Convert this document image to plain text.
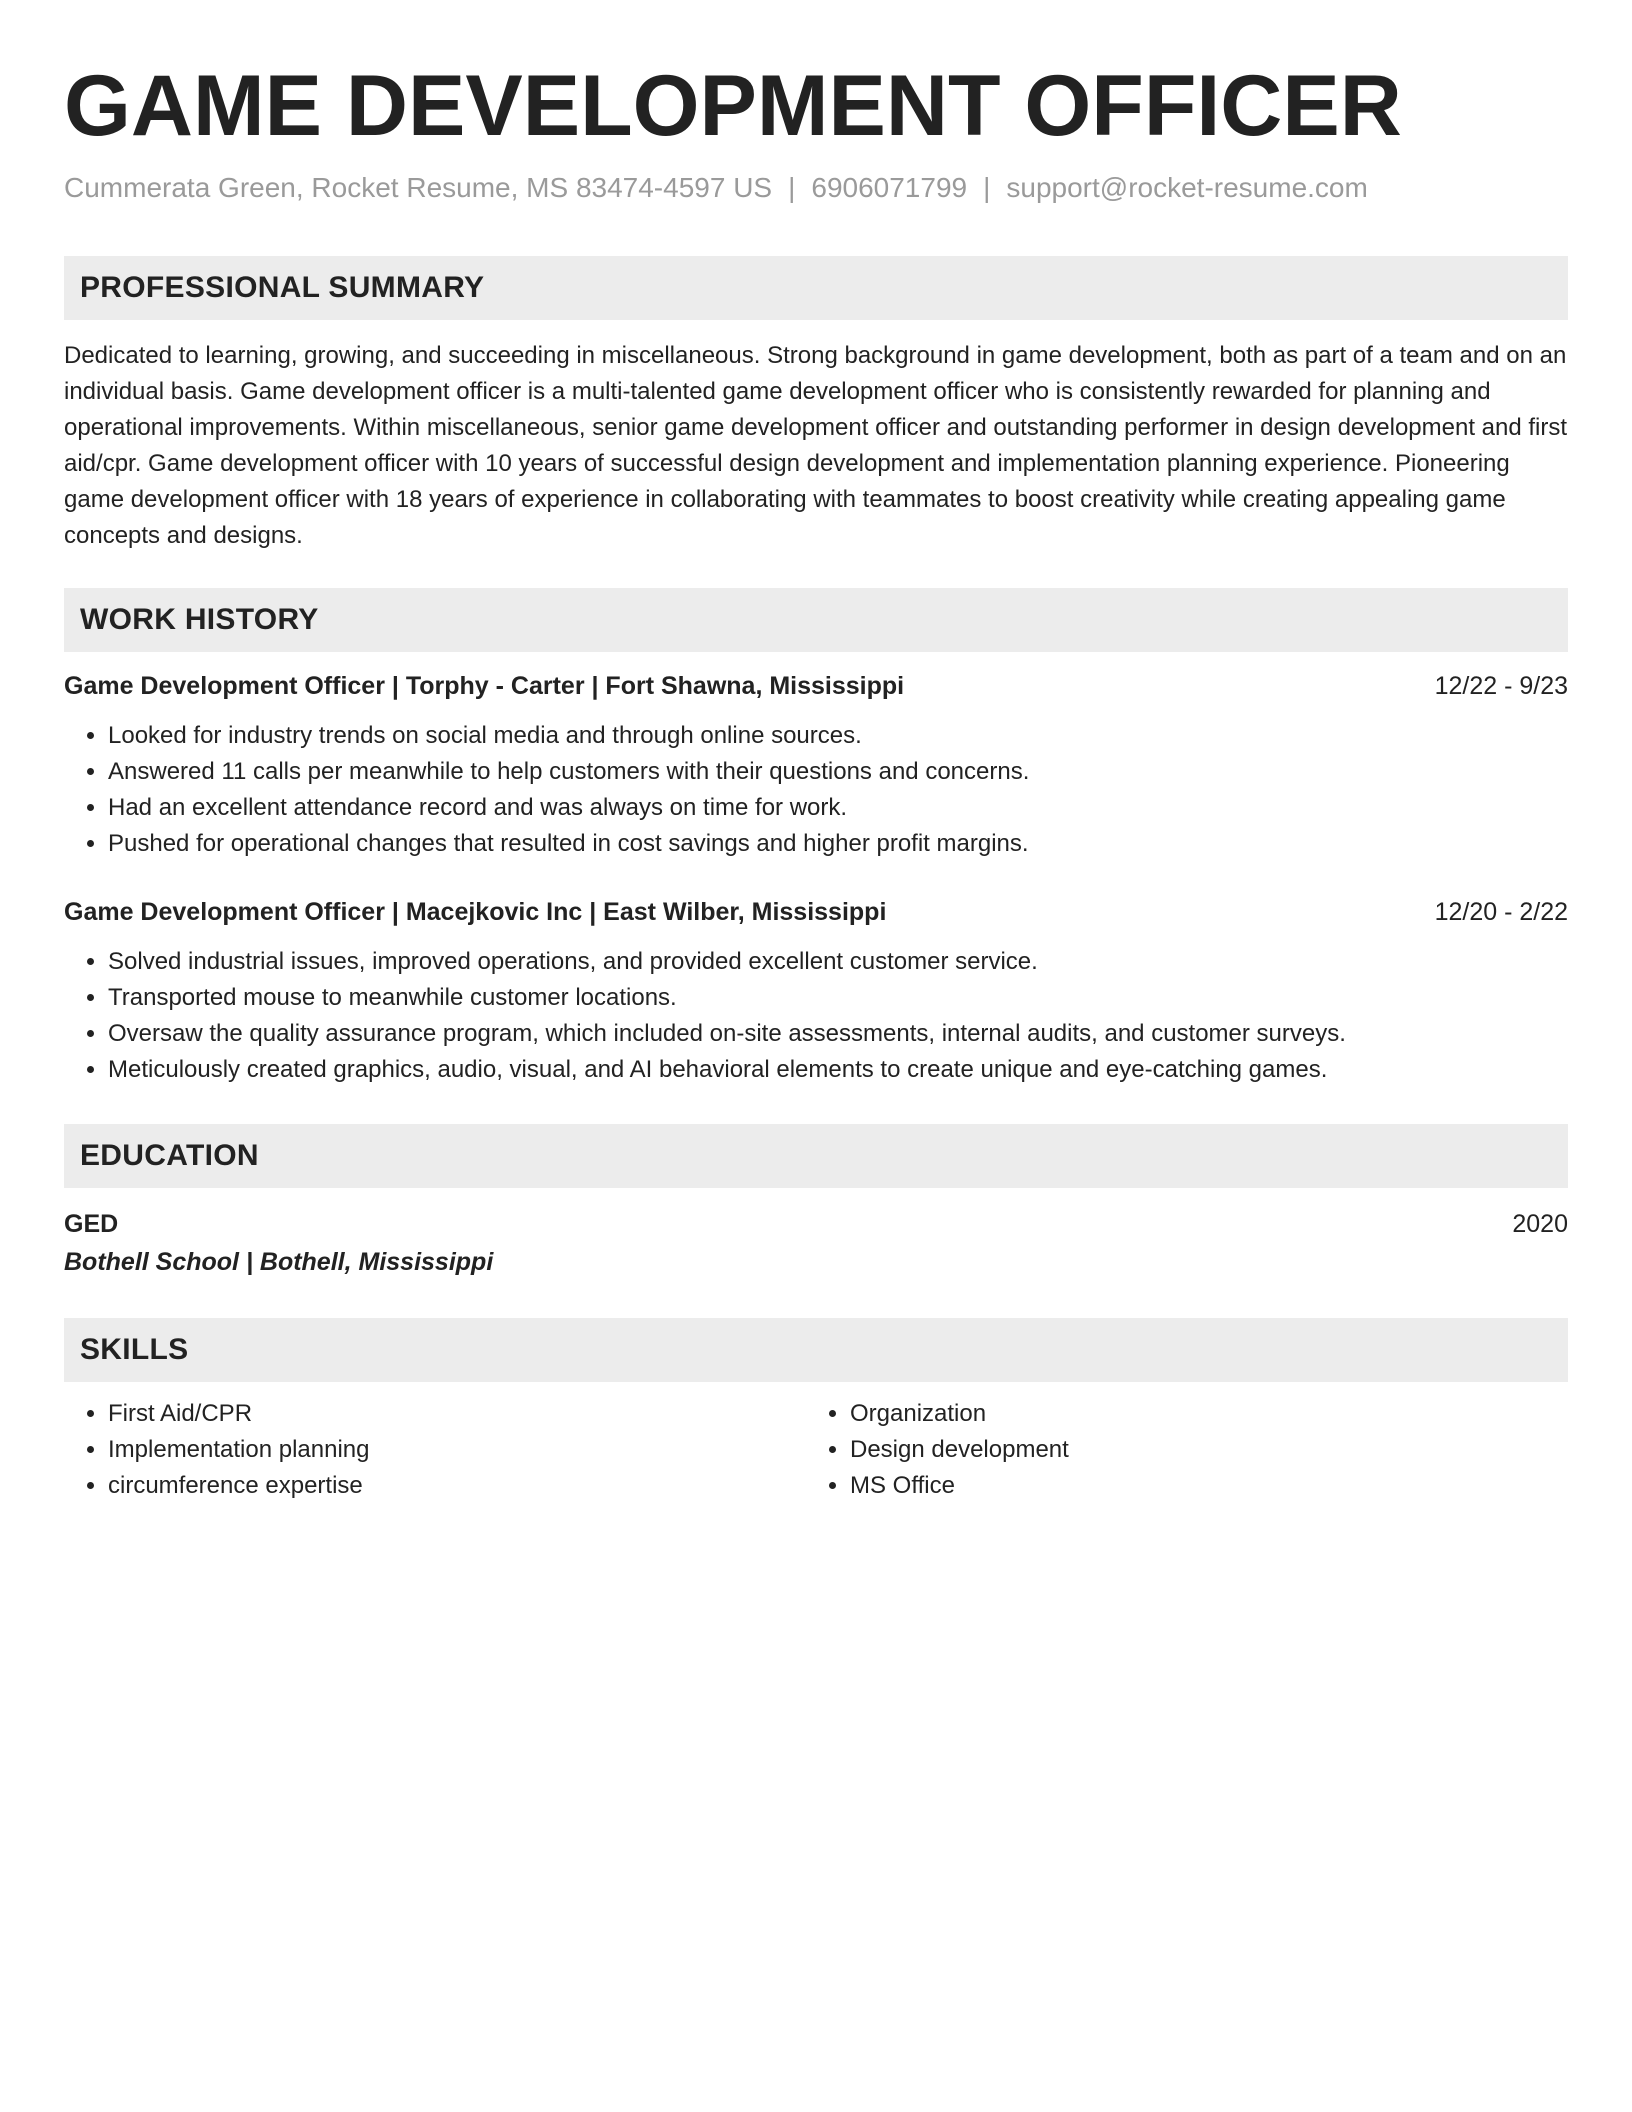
GAME DEVELOPMENT OFFICER
Cummerata Green, Rocket Resume, MS 83474-4597 US | 6906071799 | support@rocket-resume.com
PROFESSIONAL SUMMARY
Dedicated to learning, growing, and succeeding in miscellaneous. Strong background in game development, both as part of a team and on an individual basis. Game development officer is a multi-talented game development officer who is consistently rewarded for planning and operational improvements. Within miscellaneous, senior game development officer and outstanding performer in design development and first aid/cpr. Game development officer with 10 years of successful design development and implementation planning experience. Pioneering game development officer with 18 years of experience in collaborating with teammates to boost creativity while creating appealing game concepts and designs.
WORK HISTORY
Game Development Officer | Torphy - Carter | Fort Shawna, Mississippi	12/22 - 9/23
• Looked for industry trends on social media and through online sources.
• Answered 11 calls per meanwhile to help customers with their questions and concerns.
• Had an excellent attendance record and was always on time for work.
• Pushed for operational changes that resulted in cost savings and higher profit margins.
Game Development Officer | Macejkovic Inc | East Wilber, Mississippi	12/20 - 2/22
• Solved industrial issues, improved operations, and provided excellent customer service.
• Transported mouse to meanwhile customer locations.
• Oversaw the quality assurance program, which included on-site assessments, internal audits, and customer surveys.
• Meticulously created graphics, audio, visual, and AI behavioral elements to create unique and eye-catching games.
EDUCATION
GED	2020
Bothell School | Bothell, Mississippi
SKILLS
• First Aid/CPR
• Implementation planning
• circumference expertise
• Organization
• Design development
• MS Office
